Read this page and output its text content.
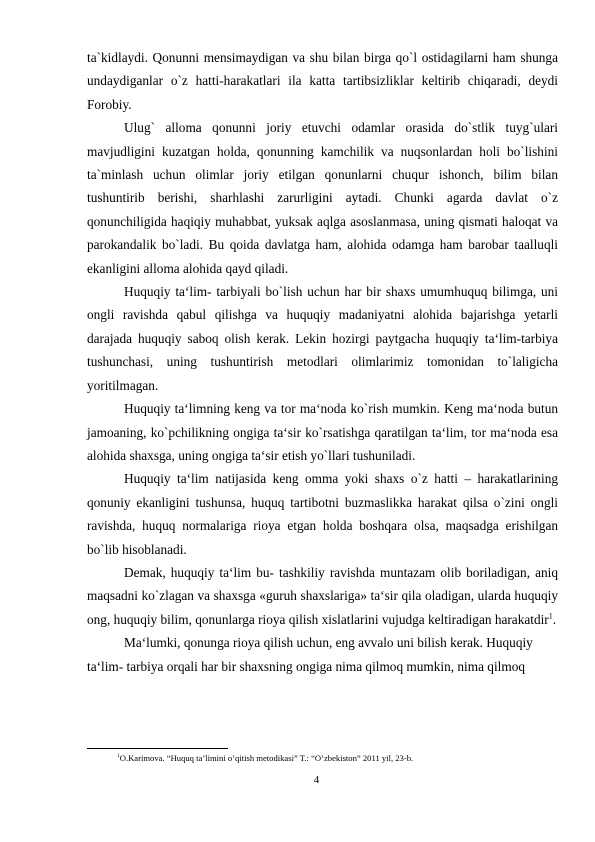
ta`kidlaydi. Qonunni mensimaydigan va shu bilan birga qo`l ostidagilarni ham shunga undaydiganlar o`z hatti-harakatlari ila katta tartibsizliklar keltirib chiqaradi, deydi Forobiy.

Ulug` alloma qonunni joriy etuvchi odamlar orasida do`stlik tuyg`ulari mavjudligini kuzatgan holda, qonunning kamchilik va nuqsonlardan holi bo`lishini ta`minlash uchun olimlar joriy etilgan qonunlarni chuqur ishonch, bilim bilan tushuntirib berishi, sharhlashi zarurligini aytadi. Chunki agarda davlat o`z qonunchiligida haqiqiy muhabbat, yuksak aqlga asoslanmasa, uning qismati haloqat va parokandalik bo`ladi. Bu qoida davlatga ham, alohida odamga ham barobar taalluqli ekanligini alloma alohida qayd qiladi.

Huquqiy ta‘lim- tarbiyali bo`lish uchun har bir shaxs umumhuquq bilimga, uni ongli ravishda qabul qilishga va huquqiy madaniyatni alohida bajarishga yetarli darajada huquqiy saboq olish kerak. Lekin hozirgi paytgacha huquqiy ta‘lim-tarbiya tushunchasi, uning tushuntirish metodlari olimlarimiz tomonidan to`laligicha yoritilmagan.

Huquqiy ta‘limning keng va tor ma‘noda ko`rish mumkin. Keng ma‘noda butun jamoaning, ko`pchilikning ongiga ta‘sir ko`rsatishga qaratilgan ta‘lim, tor ma‘noda esa alohida shaxsga, uning ongiga ta‘sir etish yo`llari tushuniladi.

Huquqiy ta‘lim natijasida keng omma yoki shaxs o`z hatti – harakatlarining qonuniy ekanligini tushunsa, huquq tartibotni buzmaslikka harakat qilsa o`zini ongli ravishda, huquq normalariga rioya etgan holda boshqara olsa, maqsadga erishilgan bo`lib hisoblanadi.

Demak, huquqiy ta‘lim bu- tashkiliy ravishda muntazam olib boriladigan, aniq maqsadni ko`zlagan va shaxsga «guruh shaxslariga» ta‘sir qila oladigan, ularda huquqiy ong, huquqiy bilim, qonunlarga rioya qilish xislatlarini vujudga keltiradigan harakatdir$^1$.

Ma‘lumki, qonunga rioya qilish uchun, eng avvalo uni bilish kerak. Huquqiy ta‘lim- tarbiya orqali har bir shaxsning ongiga nima qilmoq mumkin, nima qilmoq

$^1$O.Karimova. “Huquq ta’limini o’qitish metodikasi” T.: “O’zbekiston” 2011 yil, 23-b.
4
